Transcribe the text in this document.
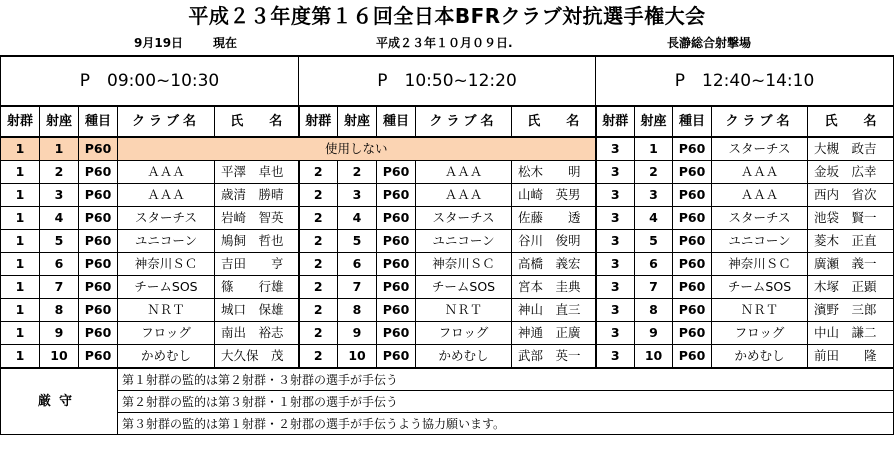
平成２３年度第１６回全日本BFRクラブ対抗選手権大会
9月19日 現在	平成２３年１０月０９日.	長瀞総合射撃場
P　09:00~10:30					P　10:50~12:20					P　12:40~14:10				
射群	射座	種目	クラブ名	氏　　名	射群	射座	種目	クラブ名	氏　　名	射群	射座	種目	クラブ名	氏　　名
1	1	P60	使用しない							3	1	P60	スターチス	大槻　政吉
1	2	P60	ＡＡＡ	平澤　卓也	2	2	P60	ＡＡＡ	松木　　明	3	2	P60	ＡＡＡ	金坂　広幸
1	3	P60	ＡＡＡ	歳清　勝晴	2	3	P60	ＡＡＡ	山崎　英男	3	3	P60	ＡＡＡ	西内　省次
1	4	P60	スターチス	岩崎　智英	2	4	P60	スターチス	佐藤　　透	3	4	P60	スターチス	池袋　賢一
1	5	P60	ユニコーン	鳩飼　哲也	2	5	P60	ユニコーン	谷川　俊明	3	5	P60	ユニコーン	菱木　正直
1	6	P60	神奈川ＳＣ	吉田　　亨	2	6	P60	神奈川ＳＣ	高橋　義宏	3	6	P60	神奈川ＳＣ	廣瀬　義一
1	7	P60	チームSOS	篠　　行雄	2	7	P60	チームSOS	宮本　圭典	3	7	P60	チームSOS	木塚　正顕
1	8	P60	ＮＲＴ	城口　保雄	2	8	P60	ＮＲＴ	神山　直三	3	8	P60	ＮＲＴ	濱野　三郎
1	9	P60	フロッグ	南出　裕志	2	9	P60	フロッグ	神通　正廣	3	9	P60	フロッグ	中山　謙二
1	10	P60	かめむし	大久保　茂	2	10	P60	かめむし	武部　英一	3	10	P60	かめむし	前田　　隆
厳守			第１射群の監的は第２射群・３射群の選手が手伝う											
			第２射群の監的は第３射群・１射郡の選手が手伝う											
			第３射群の監的は第１射群・２射郡の選手が手伝うよう協力願います。											
